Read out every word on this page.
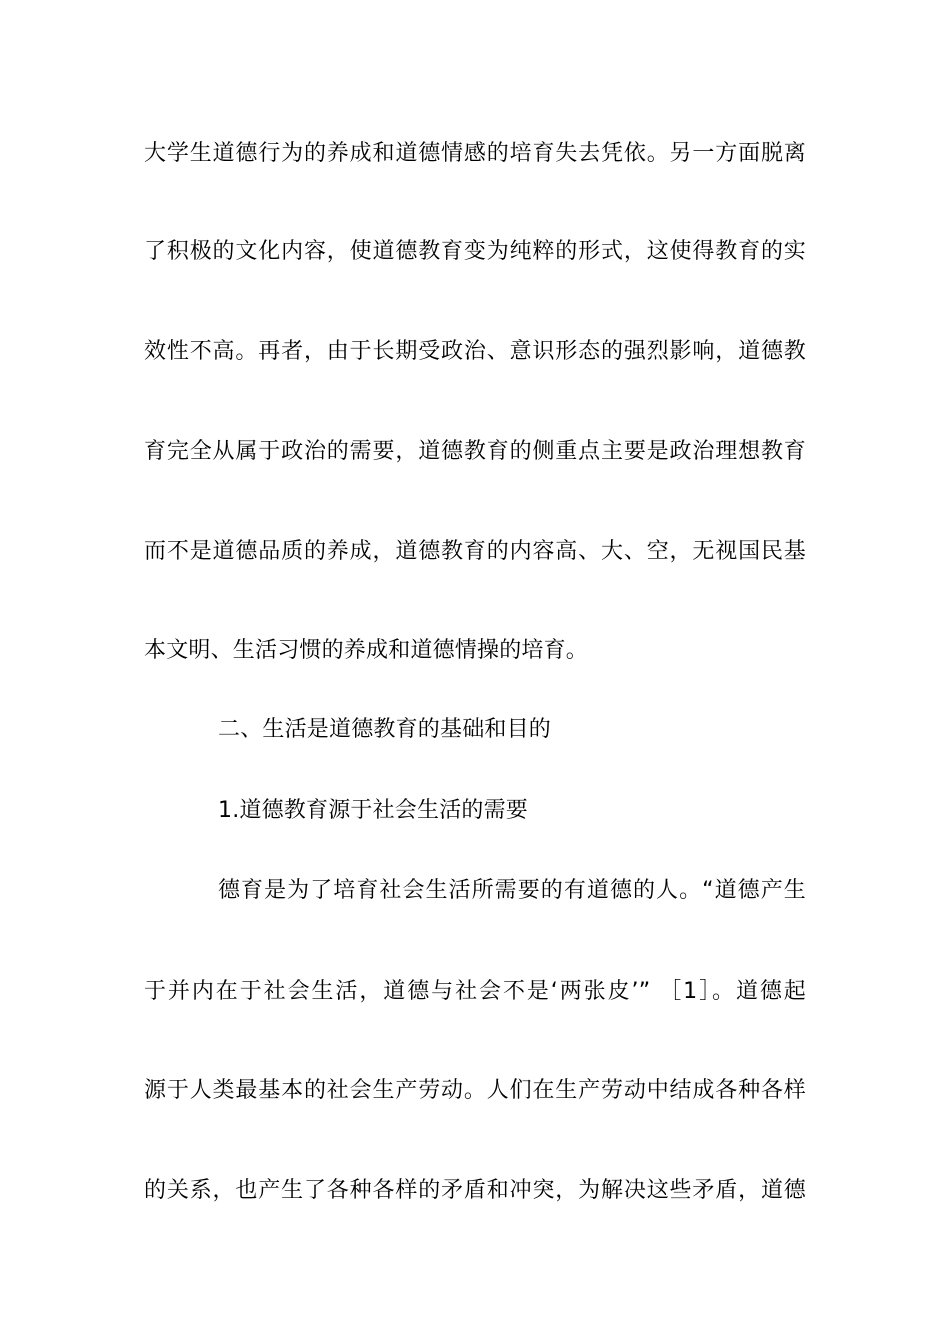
大学生道德行为的养成和道德情感的培育失去凭依。另一方面脱离
了积极的文化内容，使道德教育变为纯粹的形式，这使得教育的实
效性不高。再者，由于长期受政治、意识形态的强烈影响，道德教
育完全从属于政治的需要，道德教育的侧重点主要是政治理想教育
而不是道德品质的养成，道德教育的内容高、大、空，无视国民基
本文明、生活习惯的养成和道德情操的培育。
二、生活是道德教育的基础和目的
1.道德教育源于社会生活的需要
德育是为了培育社会生活所需要的有道德的人。“道德产生
于并内在于社会生活，道德与社会不是‘两张皮’” ［1］。道德起
源于人类最基本的社会生产劳动。人们在生产劳动中结成各种各样
的关系，也产生了各种各样的矛盾和冲突，为解决这些矛盾，道德
